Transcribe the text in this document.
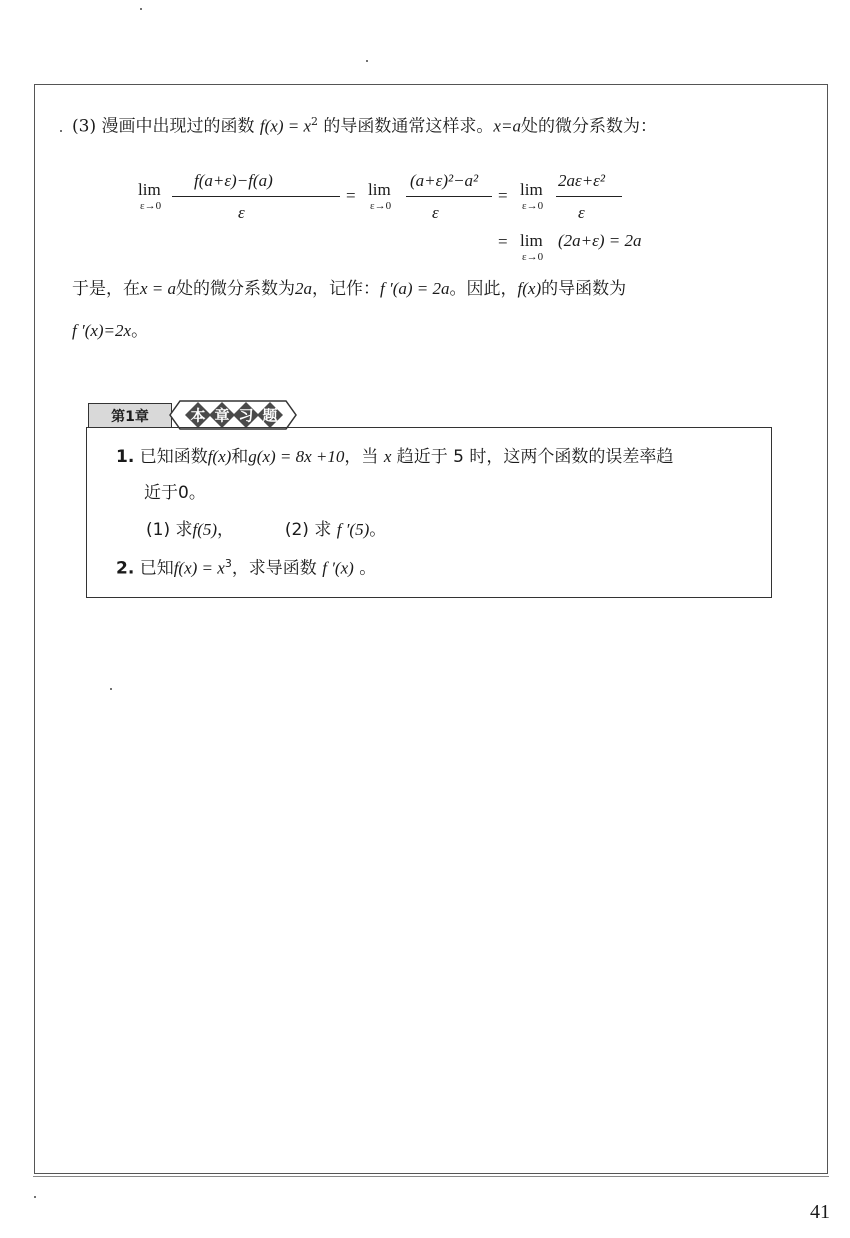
(3) 漫画中出现过的函数 $f(x) = x^2$ 的导函数通常这样求。x=a处的微分系数为：
lim
ε→0
f(a+ε)−f(a)
ε
= lim
ε→0
(a+ε)²−a²
ε
= lim
ε→0
2aε+ε²
ε
= lim
ε→0
(2a+ε) = 2a
于是，在x = a处的微分系数为2a，记作：f ′(a) = 2a。因此，f(x)的导函数为
f ′(x)=2x。
第1章	本 章 习 题
1. 已知函数f(x)和g(x) = 8x +10，当 x 趋近于 5 时，这两个函数的误差率趋
近于0。
(1) 求f(5)，	(2) 求 f ′(5)。
2. 已知$f(x) = x^3$，求导函数 f ′(x) 。
41
